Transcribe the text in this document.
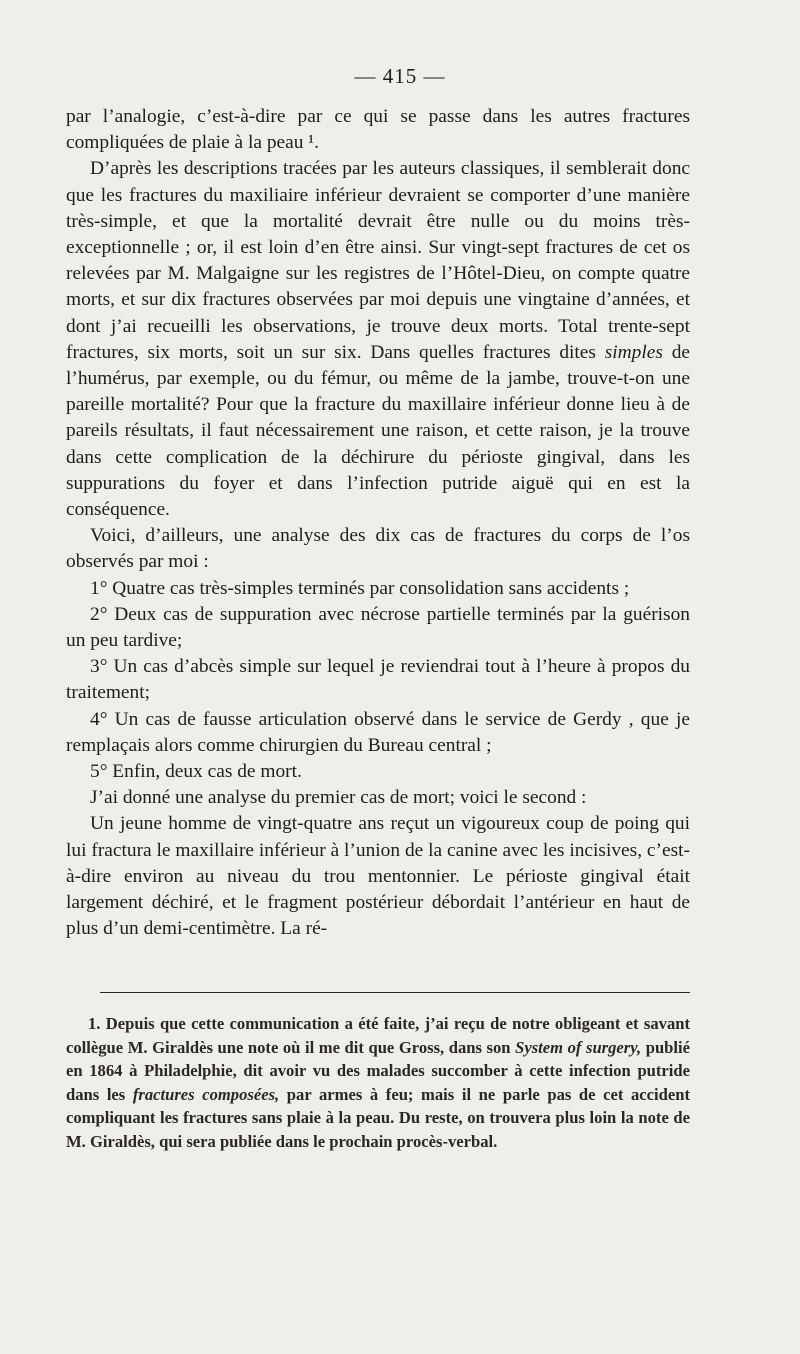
— 415 —

par l’analogie, c’est-à-dire par ce qui se passe dans les autres fractures compliquées de plaie à la peau ¹.

D’après les descriptions tracées par les auteurs classiques, il semblerait donc que les fractures du maxiliaire inférieur devraient se comporter d’une manière très-simple, et que la mortalité devrait être nulle ou du moins très-exceptionnelle ; or, il est loin d’en être ainsi. Sur vingt-sept fractures de cet os relevées par M. Malgaigne sur les registres de l’Hôtel-Dieu, on compte quatre morts, et sur dix fractures observées par moi depuis une vingtaine d’années, et dont j’ai recueilli les observations, je trouve deux morts. Total trente-sept fractures, six morts, soit un sur six. Dans quelles fractures dites simples de l’humérus, par exemple, ou du fémur, ou même de la jambe, trouve-t-on une pareille mortalité? Pour que la fracture du maxillaire inférieur donne lieu à de pareils résultats, il faut nécessairement une raison, et cette raison, je la trouve dans cette complication de la déchirure du périoste gingival, dans les suppurations du foyer et dans l’infection putride aiguë qui en est la conséquence.

Voici, d’ailleurs, une analyse des dix cas de fractures du corps de l’os observés par moi :

1° Quatre cas très-simples terminés par consolidation sans accidents ;

2° Deux cas de suppuration avec nécrose partielle terminés par la guérison un peu tardive;

3° Un cas d’abcès simple sur lequel je reviendrai tout à l’heure à propos du traitement;

4° Un cas de fausse articulation observé dans le service de Gerdy , que je remplaçais alors comme chirurgien du Bureau central ;

5° Enfin, deux cas de mort.

J’ai donné une analyse du premier cas de mort; voici le second :

Un jeune homme de vingt-quatre ans reçut un vigoureux coup de poing qui lui fractura le maxillaire inférieur à l’union de la canine avec les incisives, c’est-à-dire environ au niveau du trou mentonnier. Le périoste gingival était largement déchiré, et le fragment postérieur débordait l’antérieur en haut de plus d’un demi-centimètre. La ré-

1. Depuis que cette communication a été faite, j’ai reçu de notre obligeant et savant collègue M. Giraldès une note où il me dit que Gross, dans son System of surgery, publié en 1864 à Philadelphie, dit avoir vu des malades succomber à cette infection putride dans les fractures composées, par armes à feu; mais il ne parle pas de cet accident compliquant les fractures sans plaie à la peau. Du reste, on trouvera plus loin la note de M. Giraldès, qui sera publiée dans le prochain procès-verbal.
